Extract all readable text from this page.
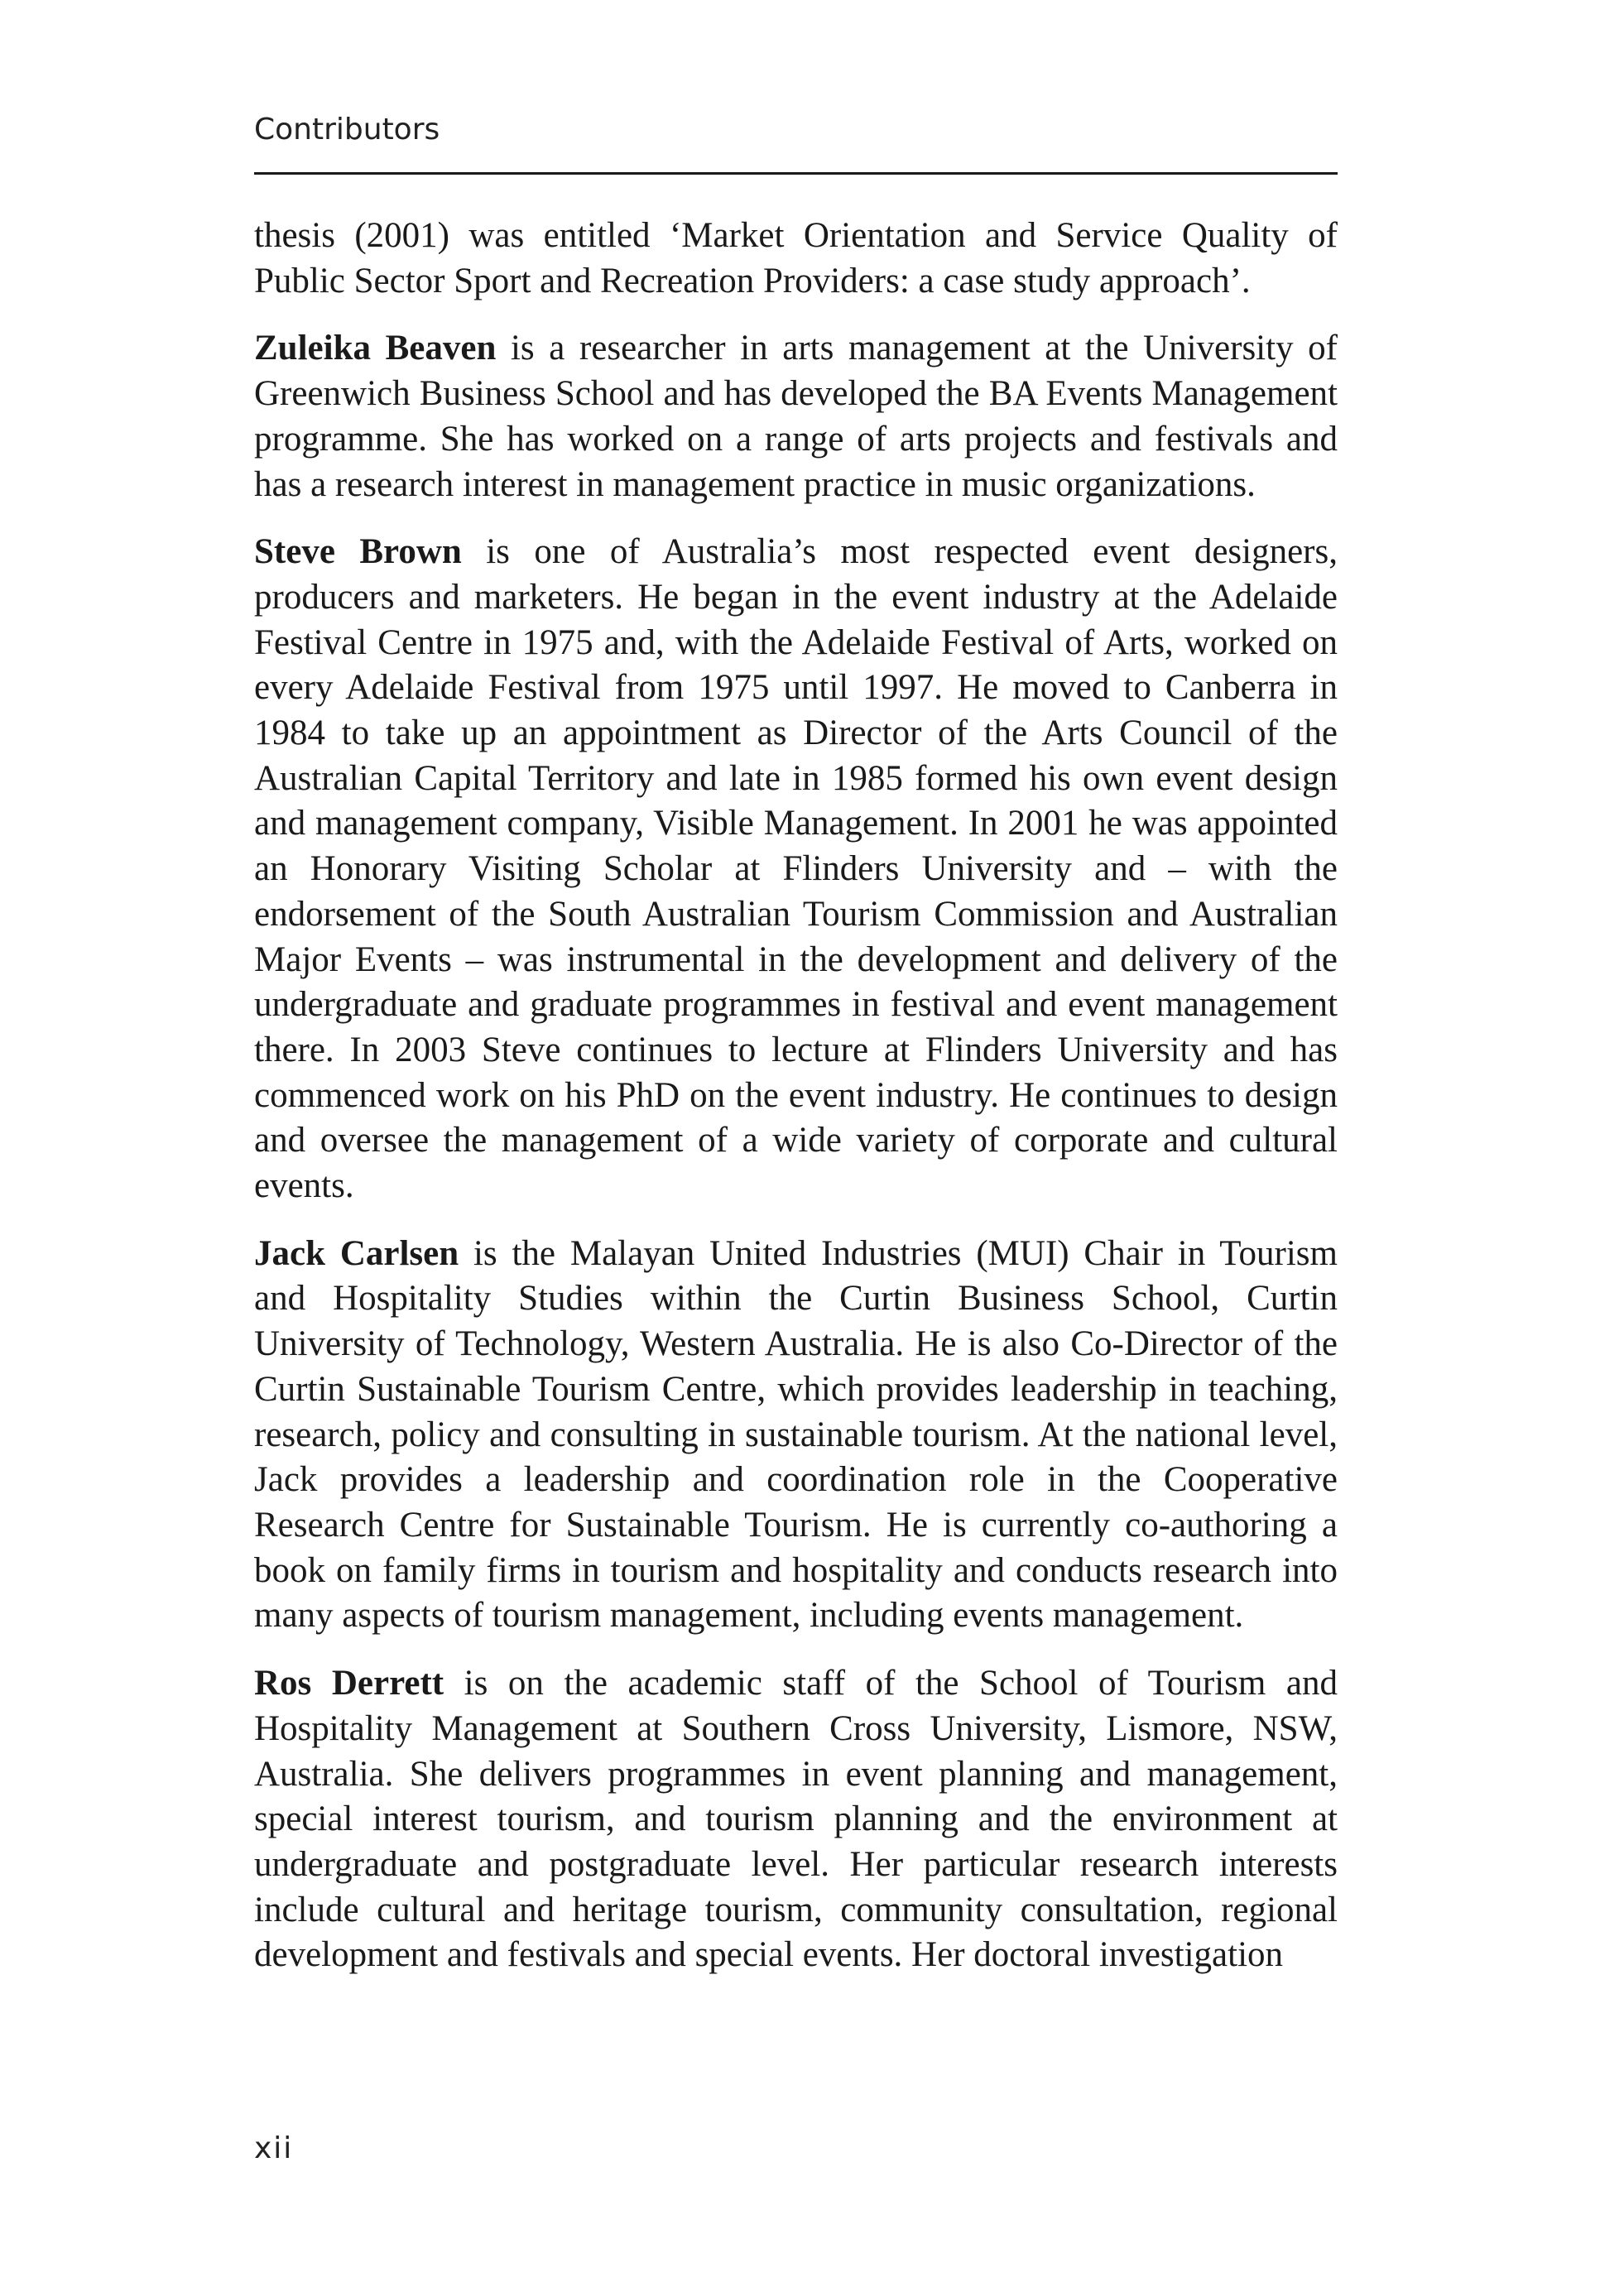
Contributors

thesis (2001) was entitled ‘Market Orientation and Service Quality of Public Sector Sport and Recreation Providers: a case study approach’.

Zuleika Beaven is a researcher in arts management at the University of Greenwich Business School and has developed the BA Events Management programme. She has worked on a range of arts projects and festivals and has a research interest in management practice in music organizations.

Steve Brown is one of Australia’s most respected event designers, producers and marketers. He began in the event industry at the Adelaide Festival Centre in 1975 and, with the Adelaide Festival of Arts, worked on every Adelaide Festival from 1975 until 1997. He moved to Canberra in 1984 to take up an appointment as Director of the Arts Council of the Australian Capital Territory and late in 1985 formed his own event design and management company, Visible Management. In 2001 he was appointed an Honorary Visiting Scholar at Flinders University and – with the endorsement of the South Australian Tourism Commission and Australian Major Events – was instrumental in the development and delivery of the undergraduate and graduate programmes in festival and event management there. In 2003 Steve continues to lecture at Flinders University and has commenced work on his PhD on the event industry. He continues to design and oversee the management of a wide variety of corporate and cultural events.

Jack Carlsen is the Malayan United Industries (MUI) Chair in Tourism and Hospitality Studies within the Curtin Business School, Curtin University of Technology, Western Australia. He is also Co-Director of the Curtin Sustainable Tourism Centre, which provides leadership in teaching, research, policy and consulting in sustainable tourism. At the national level, Jack provides a leadership and coordination role in the Cooperative Research Centre for Sustainable Tourism. He is currently co-authoring a book on family firms in tourism and hospitality and conducts research into many aspects of tourism management, including events management.

Ros Derrett is on the academic staff of the School of Tourism and Hospitality Management at Southern Cross University, Lismore, NSW, Australia. She delivers programmes in event planning and management, special interest tourism, and tourism planning and the environment at undergraduate and postgraduate level. Her particular research interests include cultural and heritage tourism, community consultation, regional development and festivals and special events. Her doctoral investigation

xii
